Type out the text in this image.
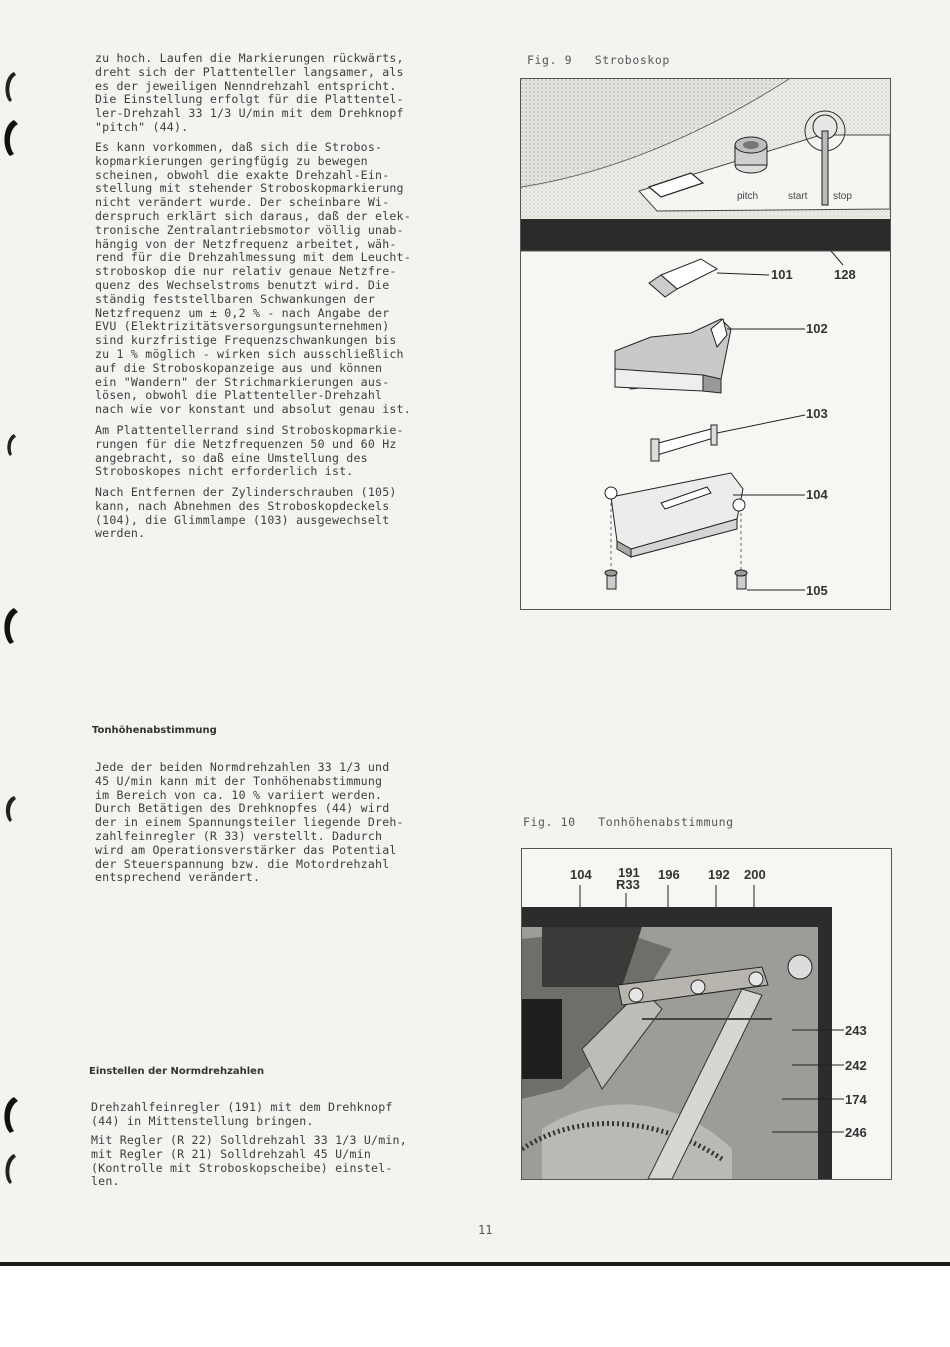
zu hoch. Laufen die Markierungen rückwärts,
dreht sich der Plattenteller langsamer, als
es der jeweiligen Nenndrehzahl entspricht.
Die Einstellung erfolgt für die Plattentel-
ler-Drehzahl 33 1/3 U/min mit dem Drehknopf
"pitch" (44).

Es kann vorkommen, daß sich die Strobos-
kopmarkierungen geringfügig zu bewegen
scheinen, obwohl die exakte Drehzahl-Ein-
stellung mit stehender Stroboskopmarkierung
nicht verändert wurde. Der scheinbare Wi-
derspruch erklärt sich daraus, daß der elek-
tronische Zentralantriebsmotor völlig unab-
hängig von der Netzfrequenz arbeitet, wäh-
rend für die Drehzahlmessung mit dem Leucht-
stroboskop die nur relativ genaue Netzfre-
quenz des Wechselstroms benutzt wird. Die
ständig feststellbaren Schwankungen der
Netzfrequenz um ± 0,2 % - nach Angabe der
EVU (Elektrizitätsversorgungsunternehmen)
sind kurzfristige Frequenzschwankungen bis
zu 1 % möglich - wirken sich ausschließlich
auf die Stroboskopanzeige aus und können
ein "Wandern" der Strichmarkierungen aus-
lösen, obwohl die Plattenteller-Drehzahl
nach wie vor konstant und absolut genau ist.

Am Plattentellerrand sind Stroboskopmarkie-
rungen für die Netzfrequenzen 50 und 60 Hz
angebracht, so daß eine Umstellung des
Stroboskopes nicht erforderlich ist.

Nach Entfernen der Zylinderschrauben (105)
kann, nach Abnehmen des Stroboskopdeckels
(104), die Glimmlampe (103) ausgewechselt
werden.

Tonhöhenabstimmung

Jede der beiden Normdrehzahlen 33 1/3 und
45 U/min kann mit der Tonhöhenabstimmung
im Bereich von ca. 10 % variiert werden.
Durch Betätigen des Drehknopfes (44) wird
der in einem Spannungsteiler liegende Dreh-
zahlfeinregler (R 33) verstellt. Dadurch
wird am Operationsverstärker das Potential
der Steuerspannung bzw. die Motordrehzahl
entsprechend verändert.

Einstellen der Normdrehzahlen

Drehzahlfeinregler (191) mit dem Drehknopf
(44) in Mittenstellung bringen.

Mit Regler (R 22) Solldrehzahl 33 1/3 U/min,
mit Regler (R 21) Solldrehzahl 45 U/min
(Kontrolle mit Stroboskopscheibe) einstel-
len.

Fig. 9   Stroboskop
pitch	start	stop
101	128
102
103
104
105
Fig. 10   Tonhöhenabstimmung
104 191
R33
196 192 200
243
242
174
246
11
